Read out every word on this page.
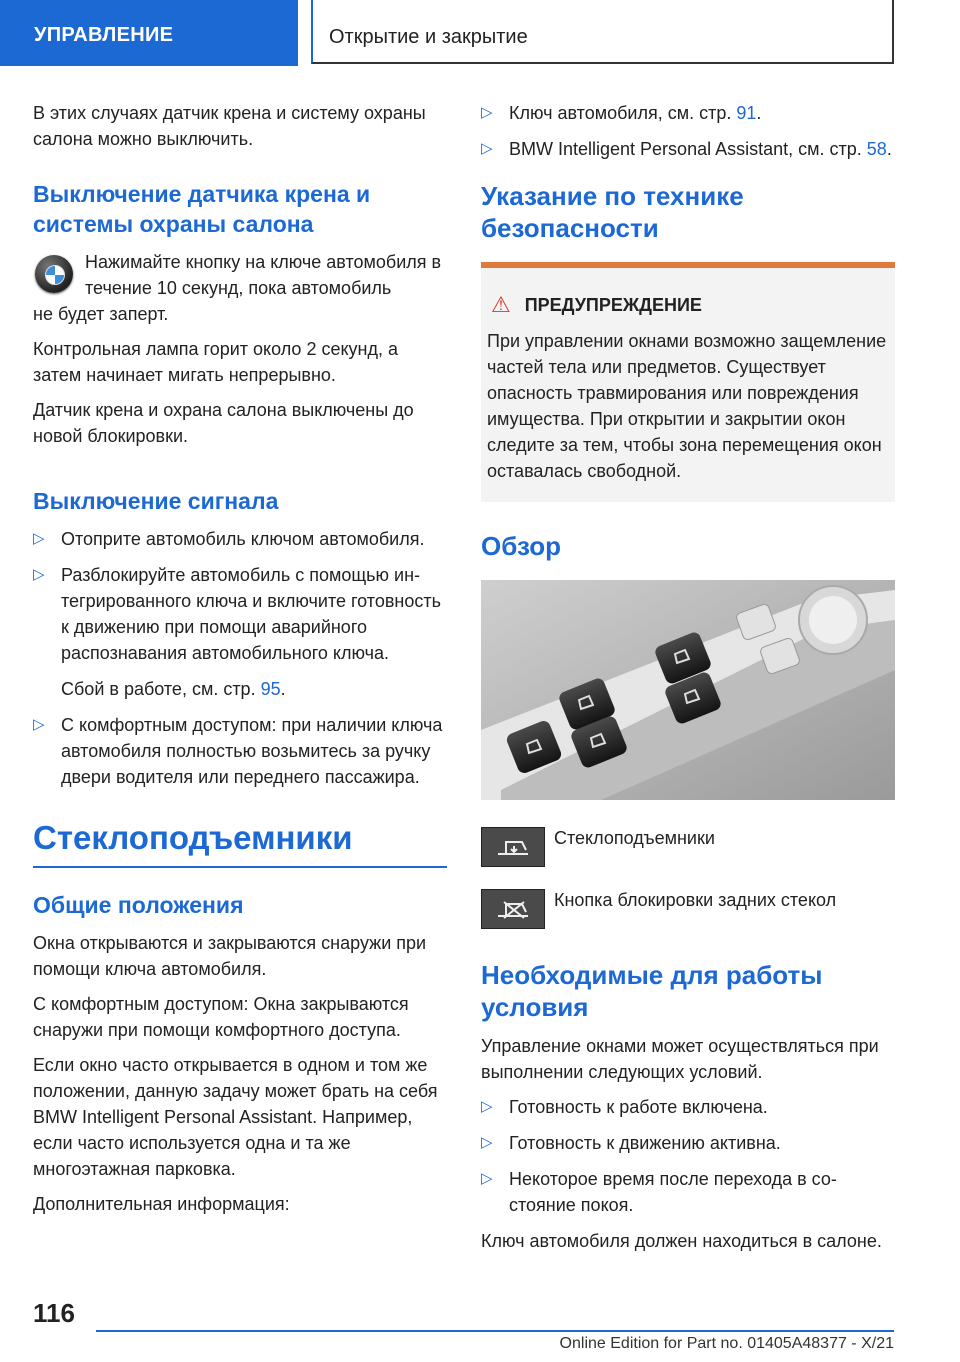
УПРАВЛЕНИЕ	Открытие и закрытие

В этих случаях датчик крена и систему охраны салона можно выключить.

Выключение датчика крена и системы охраны салона

Нажимайте кнопку на ключе автомобиля в течение 10 секунд, пока автомобиль
не будет заперт.

Контрольная лампа горит около 2 секунд, а затем начинает мигать непрерывно.

Датчик крена и охрана салона выключены до новой блокировки.

Выключение сигнала
▷ Отоприте автомобиль ключом автомобиля.
▷ Разблокируйте автомобиль с помощью интегрированного ключа и включите готовность к движению при помощи аварийного распознавания автомобильного ключа.
Сбой в работе, см. стр. 95.
▷ С комфортным доступом: при наличии ключа автомобиля полностью возьмитесь за ручку двери водителя или переднего пассажира.
Стеклоподъемники
Общие положения

Окна открываются и закрываются снаружи при помощи ключа автомобиля.

С комфортным доступом: Окна закрываются снаружи при помощи комфортного доступа.

Если окно часто открывается в одном и том же положении, данную задачу может брать на себя BMW Intelligent Personal Assistant. Например, если часто используется одна и та же многоэтажная парковка.

Дополнительная информация:

▷ Ключ автомобиля, см. стр. 91.
▷ BMW Intelligent Personal Assistant, см. стр. 58.
Указание по технике безопасности
⚠ ПРЕДУПРЕЖДЕНИЕ

При управлении окнами возможно защемление частей тела или предметов. Существует опасность травмирования или повреждения имущества. При открытии и закрытии окон следите за тем, чтобы зона перемещения окон оставалась свободной.

Обзор
Стеклоподъемники
Кнопка блокировки задних стекол
Необходимые для работы условия

Управление окнами может осуществляться при выполнении следующих условий.

▷ Готовность к работе включена.
▷ Готовность к движению активна.
▷ Некоторое время после перехода в состояние покоя.

Ключ автомобиля должен находиться в салоне.

116
Online Edition for Part no. 01405A48377 - X/21
